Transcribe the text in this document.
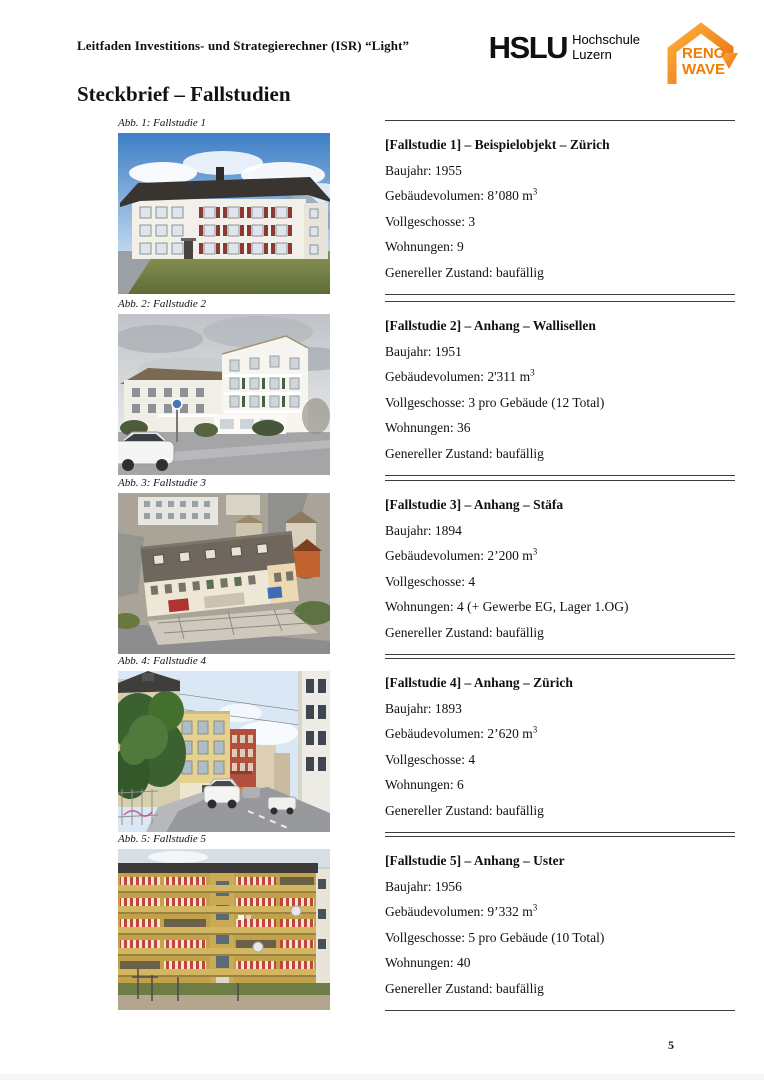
Leitfaden Investitions- und Strategierechner (ISR) “Light”	HSLU Hochschule
Luzern	RENO
WAVE
Steckbrief – Fallstudien
Abb. 1: Fallstudie 1
[Fallstudie 1] – Beispielobjekt – Zürich
Baujahr: 1955
Gebäudevolumen: 8’080 $m^3$
Vollgeschosse: 3
Wohnungen: 9
Genereller Zustand: baufällig
Abb. 2: Fallstudie 2
[Fallstudie 2] – Anhang – Wallisellen
Baujahr: 1951
Gebäudevolumen: 2'311 $m^3$
Vollgeschosse: 3 pro Gebäude (12 Total)
Wohnungen: 36
Genereller Zustand: baufällig
Abb. 3: Fallstudie 3
[Fallstudie 3] – Anhang – Stäfa
Baujahr: 1894
Gebäudevolumen: 2’200 $m^3$
Vollgeschosse: 4
Wohnungen: 4 (+ Gewerbe EG, Lager 1.OG)
Genereller Zustand: baufällig
Abb. 4: Fallstudie 4
[Fallstudie 4] – Anhang – Zürich
Baujahr: 1893
Gebäudevolumen: 2’620 $m^3$
Vollgeschosse: 4
Wohnungen: 6
Genereller Zustand: baufällig
Abb. 5: Fallstudie 5
[Fallstudie 5] – Anhang – Uster
Baujahr: 1956
Gebäudevolumen: 9’332 $m^3$
Vollgeschosse: 5 pro Gebäude (10 Total)
Wohnungen: 40
Genereller Zustand: baufällig
5
